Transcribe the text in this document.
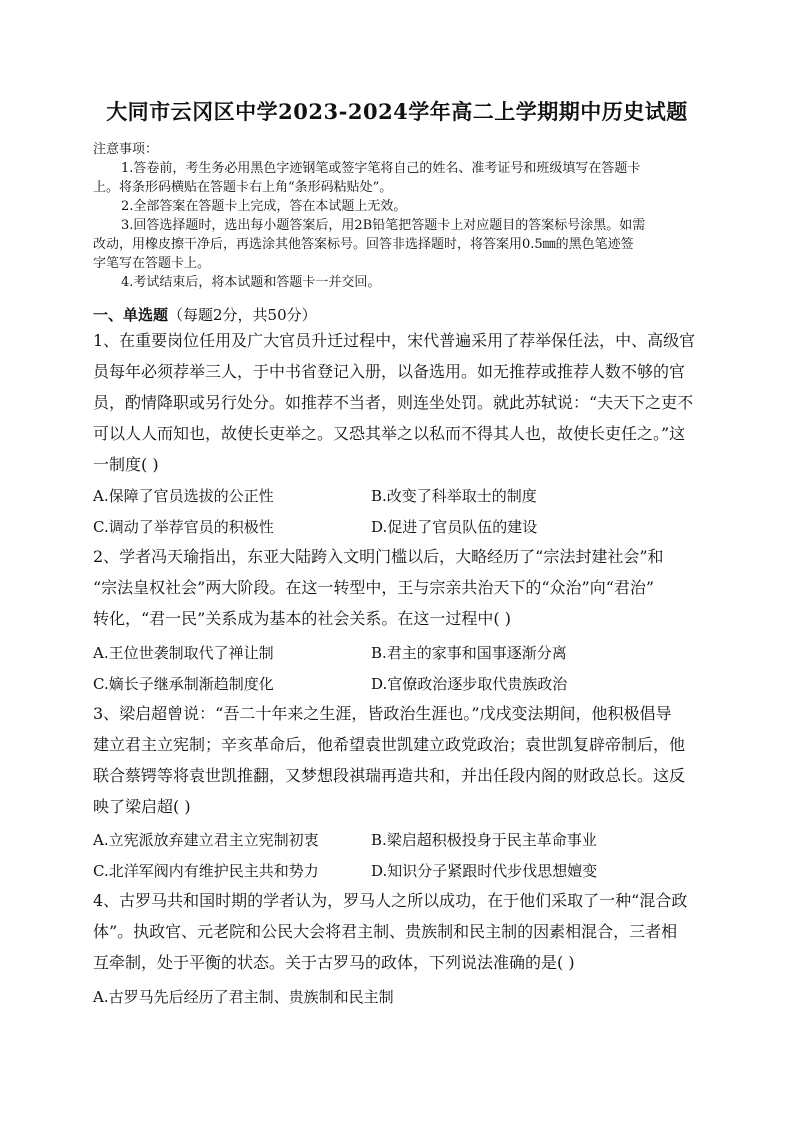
大同市云冈区中学2023-2024学年高二上学期期中历史试题
注意事项：
1.答卷前，考生务必用黑色字迹钢笔或签字笔将自己的姓名、准考证号和班级填写在答题卡
上。将条形码横贴在答题卡右上角“条形码粘贴处”。
2.全部答案在答题卡上完成，答在本试题上无效。
3.回答选择题时，选出每小题答案后，用2B铅笔把答题卡上对应题目的答案标号涂黑。如需
改动，用橡皮擦干净后，再选涂其他答案标号。回答非选择题时，将答案用0.5㎜的黑色笔迹签
字笔写在答题卡上。
4.考试结束后，将本试题和答题卡一并交回。
一、单选题（每题2分，共50分）
1、在重要岗位任用及广大官员升迁过程中，宋代普遍采用了荐举保任法，中、高级官
员每年必须荐举三人，于中书省登记入册，以备选用。如无推荐或推荐人数不够的官
员，酌情降职或另行处分。如推荐不当者，则连坐处罚。就此苏轼说：“夫天下之吏不
可以人人而知也，故使长吏举之。又恐其举之以私而不得其人也，故使长吏任之。”这
一制度( )
A.保障了官员选拔的公正性	B.改变了科举取士的制度
C.调动了举荐官员的积极性	D.促进了官员队伍的建设
2、学者冯天瑜指出，东亚大陆跨入文明门槛以后，大略经历了“宗法封建社会”和
“宗法皇权社会”两大阶段。在这一转型中，王与宗亲共治天下的“众治”向“君治”
转化，“君一民”关系成为基本的社会关系。在这一过程中( )
A.王位世袭制取代了禅让制	B.君主的家事和国事逐渐分离
C.嫡长子继承制渐趋制度化	D.官僚政治逐步取代贵族政治
3、梁启超曾说：“吾二十年来之生涯，皆政治生涯也。”戊戌变法期间，他积极倡导
建立君主立宪制；辛亥革命后，他希望袁世凯建立政党政治；袁世凯复辟帝制后，他
联合蔡锷等将袁世凯推翻，又梦想段祺瑞再造共和，并出任段内阁的财政总长。这反
映了梁启超( )
A.立宪派放弃建立君主立宪制初衷	B.梁启超积极投身于民主革命事业
C.北洋军阀内有维护民主共和势力	D.知识分子紧跟时代步伐思想嬗变
4、古罗马共和国时期的学者认为，罗马人之所以成功，在于他们采取了一种“混合政
体”。执政官、元老院和公民大会将君主制、贵族制和民主制的因素相混合，三者相
互牵制，处于平衡的状态。关于古罗马的政体，下列说法准确的是( )
A.古罗马先后经历了君主制、贵族制和民主制
